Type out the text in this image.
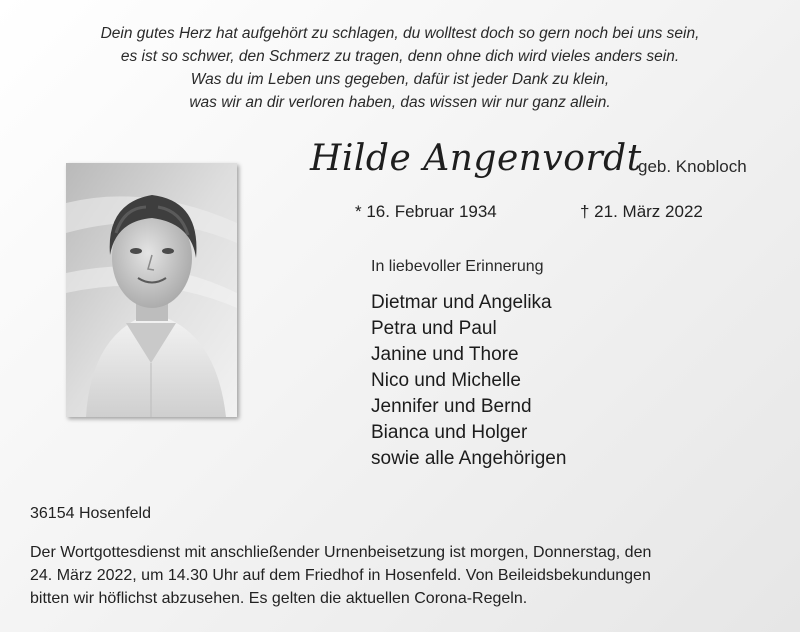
Dein gutes Herz hat aufgehört zu schlagen, du wolltest doch so gern noch bei uns sein,
es ist so schwer, den Schmerz zu tragen, denn ohne dich wird vieles anders sein.
Was du im Leben uns gegeben, dafür ist jeder Dank zu klein,
was wir an dir verloren haben, das wissen wir nur ganz allein.
Hilde Angenvordt
geb. Knobloch
* 16. Februar 1934	† 21. März 2022
In liebevoller Erinnerung
Dietmar und Angelika
Petra und Paul
Janine und Thore
Nico und Michelle
Jennifer und Bernd
Bianca und Holger
sowie alle Angehörigen
36154 Hosenfeld
Der Wortgottesdienst mit anschließender Urnenbeisetzung ist morgen, Donnerstag, den
24. März 2022, um 14.30 Uhr auf dem Friedhof in Hosenfeld. Von Beileidsbekundungen
bitten wir höflichst abzusehen. Es gelten die aktuellen Corona-Regeln.
